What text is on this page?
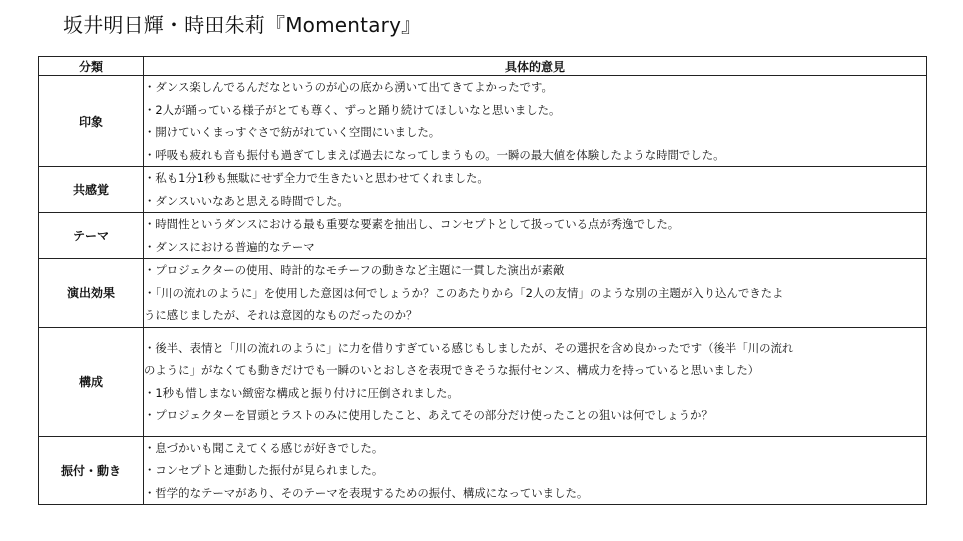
坂井明日輝・時田朱莉『Momentary』
分類	具体的意見
印象	・ダンス楽しんでるんだなというのが心の底から湧いて出てきてよかったです。
・2人が踊っている様子がとても尊く、ずっと踊り続けてほしいなと思いました。
・開けていくまっすぐさで紡がれていく空間にいました。
・呼吸も疲れも音も振付も過ぎてしまえば過去になってしまうもの。一瞬の最大値を体験したような時間でした。

共感覚	・私も1分1秒も無駄にせず全力で生きたいと思わせてくれました。
・ダンスいいなあと思える時間でした。

テーマ	・時間性というダンスにおける最も重要な要素を抽出し、コンセプトとして扱っている点が秀逸でした。
・ダンスにおける普遍的なテーマ

演出効果	・プロジェクターの使用、時計的なモチーフの動きなど主題に一貫した演出が素敵
・「川の流れのように」を使用した意図は何でしょうか？このあたりから「2人の友情」のような別の主題が入り込んできたよ
うに感じましたが、それは意図的なものだったのか？

構成	・後半、表情と「川の流れのように」に力を借りすぎている感じもしましたが、その選択を含め良かったです（後半「川の流れ
のように」がなくても動きだけでも一瞬のいとおしさを表現できそうな振付センス、構成力を持っていると思いました）
・1秒も惜しまない緻密な構成と振り付けに圧倒されました。
・プロジェクターを冒頭とラストのみに使用したこと、あえてその部分だけ使ったことの狙いは何でしょうか？

振付・動き	・息づかいも聞こえてくる感じが好きでした。
・コンセプトと連動した振付が見られました。
・哲学的なテーマがあり、そのテーマを表現するための振付、構成になっていました。
